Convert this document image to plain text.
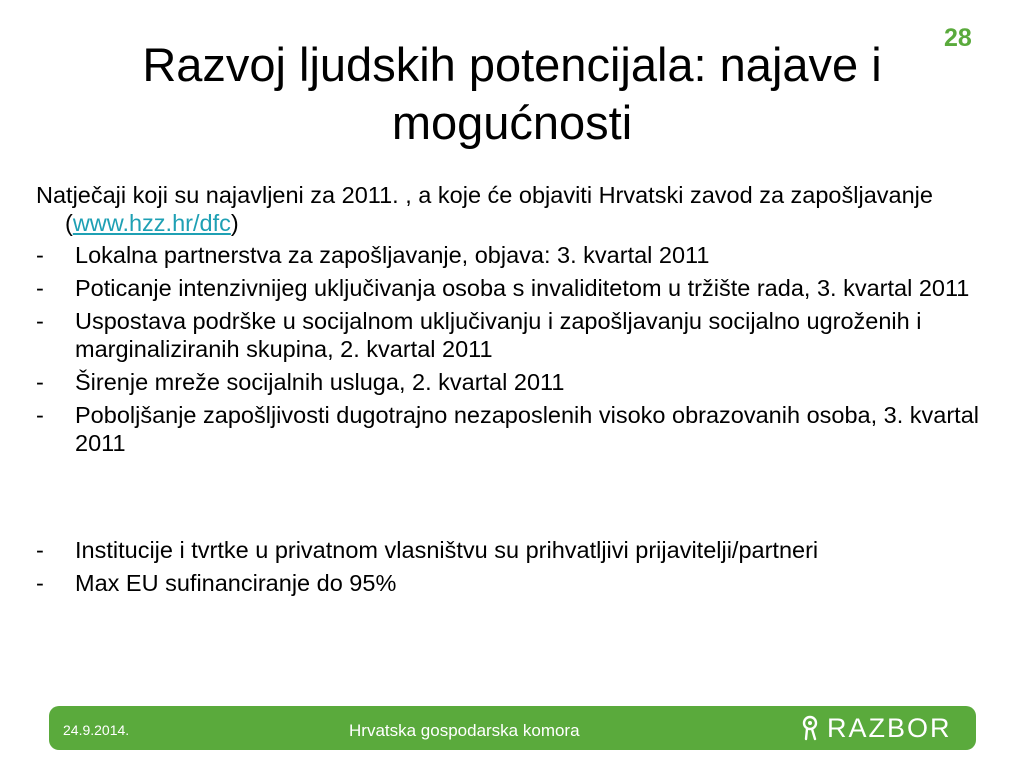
28
Razvoj ljudskih potencijala: najave i mogućnosti

Natječaji koji su najavljeni za 2011. , a koje će objaviti Hrvatski zavod za zapošljavanje (www.hzz.hr/dfc)

- Lokalna partnerstva za zapošljavanje, objava: 3. kvartal 2011
- Poticanje intenzivnijeg uključivanja osoba s invaliditetom u tržište rada, 3. kvartal 2011
- Uspostava podrške u socijalnom uključivanju i zapošljavanju socijalno ugroženih i marginaliziranih skupina, 2. kvartal 2011
- Širenje mreže socijalnih usluga, 2. kvartal 2011
- Poboljšanje zapošljivosti dugotrajno nezaposlenih visoko obrazovanih osoba, 3. kvartal 2011
- Institucije i tvrtke u privatnom vlasništvu su prihvatljivi prijavitelji/partneri
- Max EU sufinanciranje do 95%
24.9.2014.	Hrvatska gospodarska komora	RAZBOR
